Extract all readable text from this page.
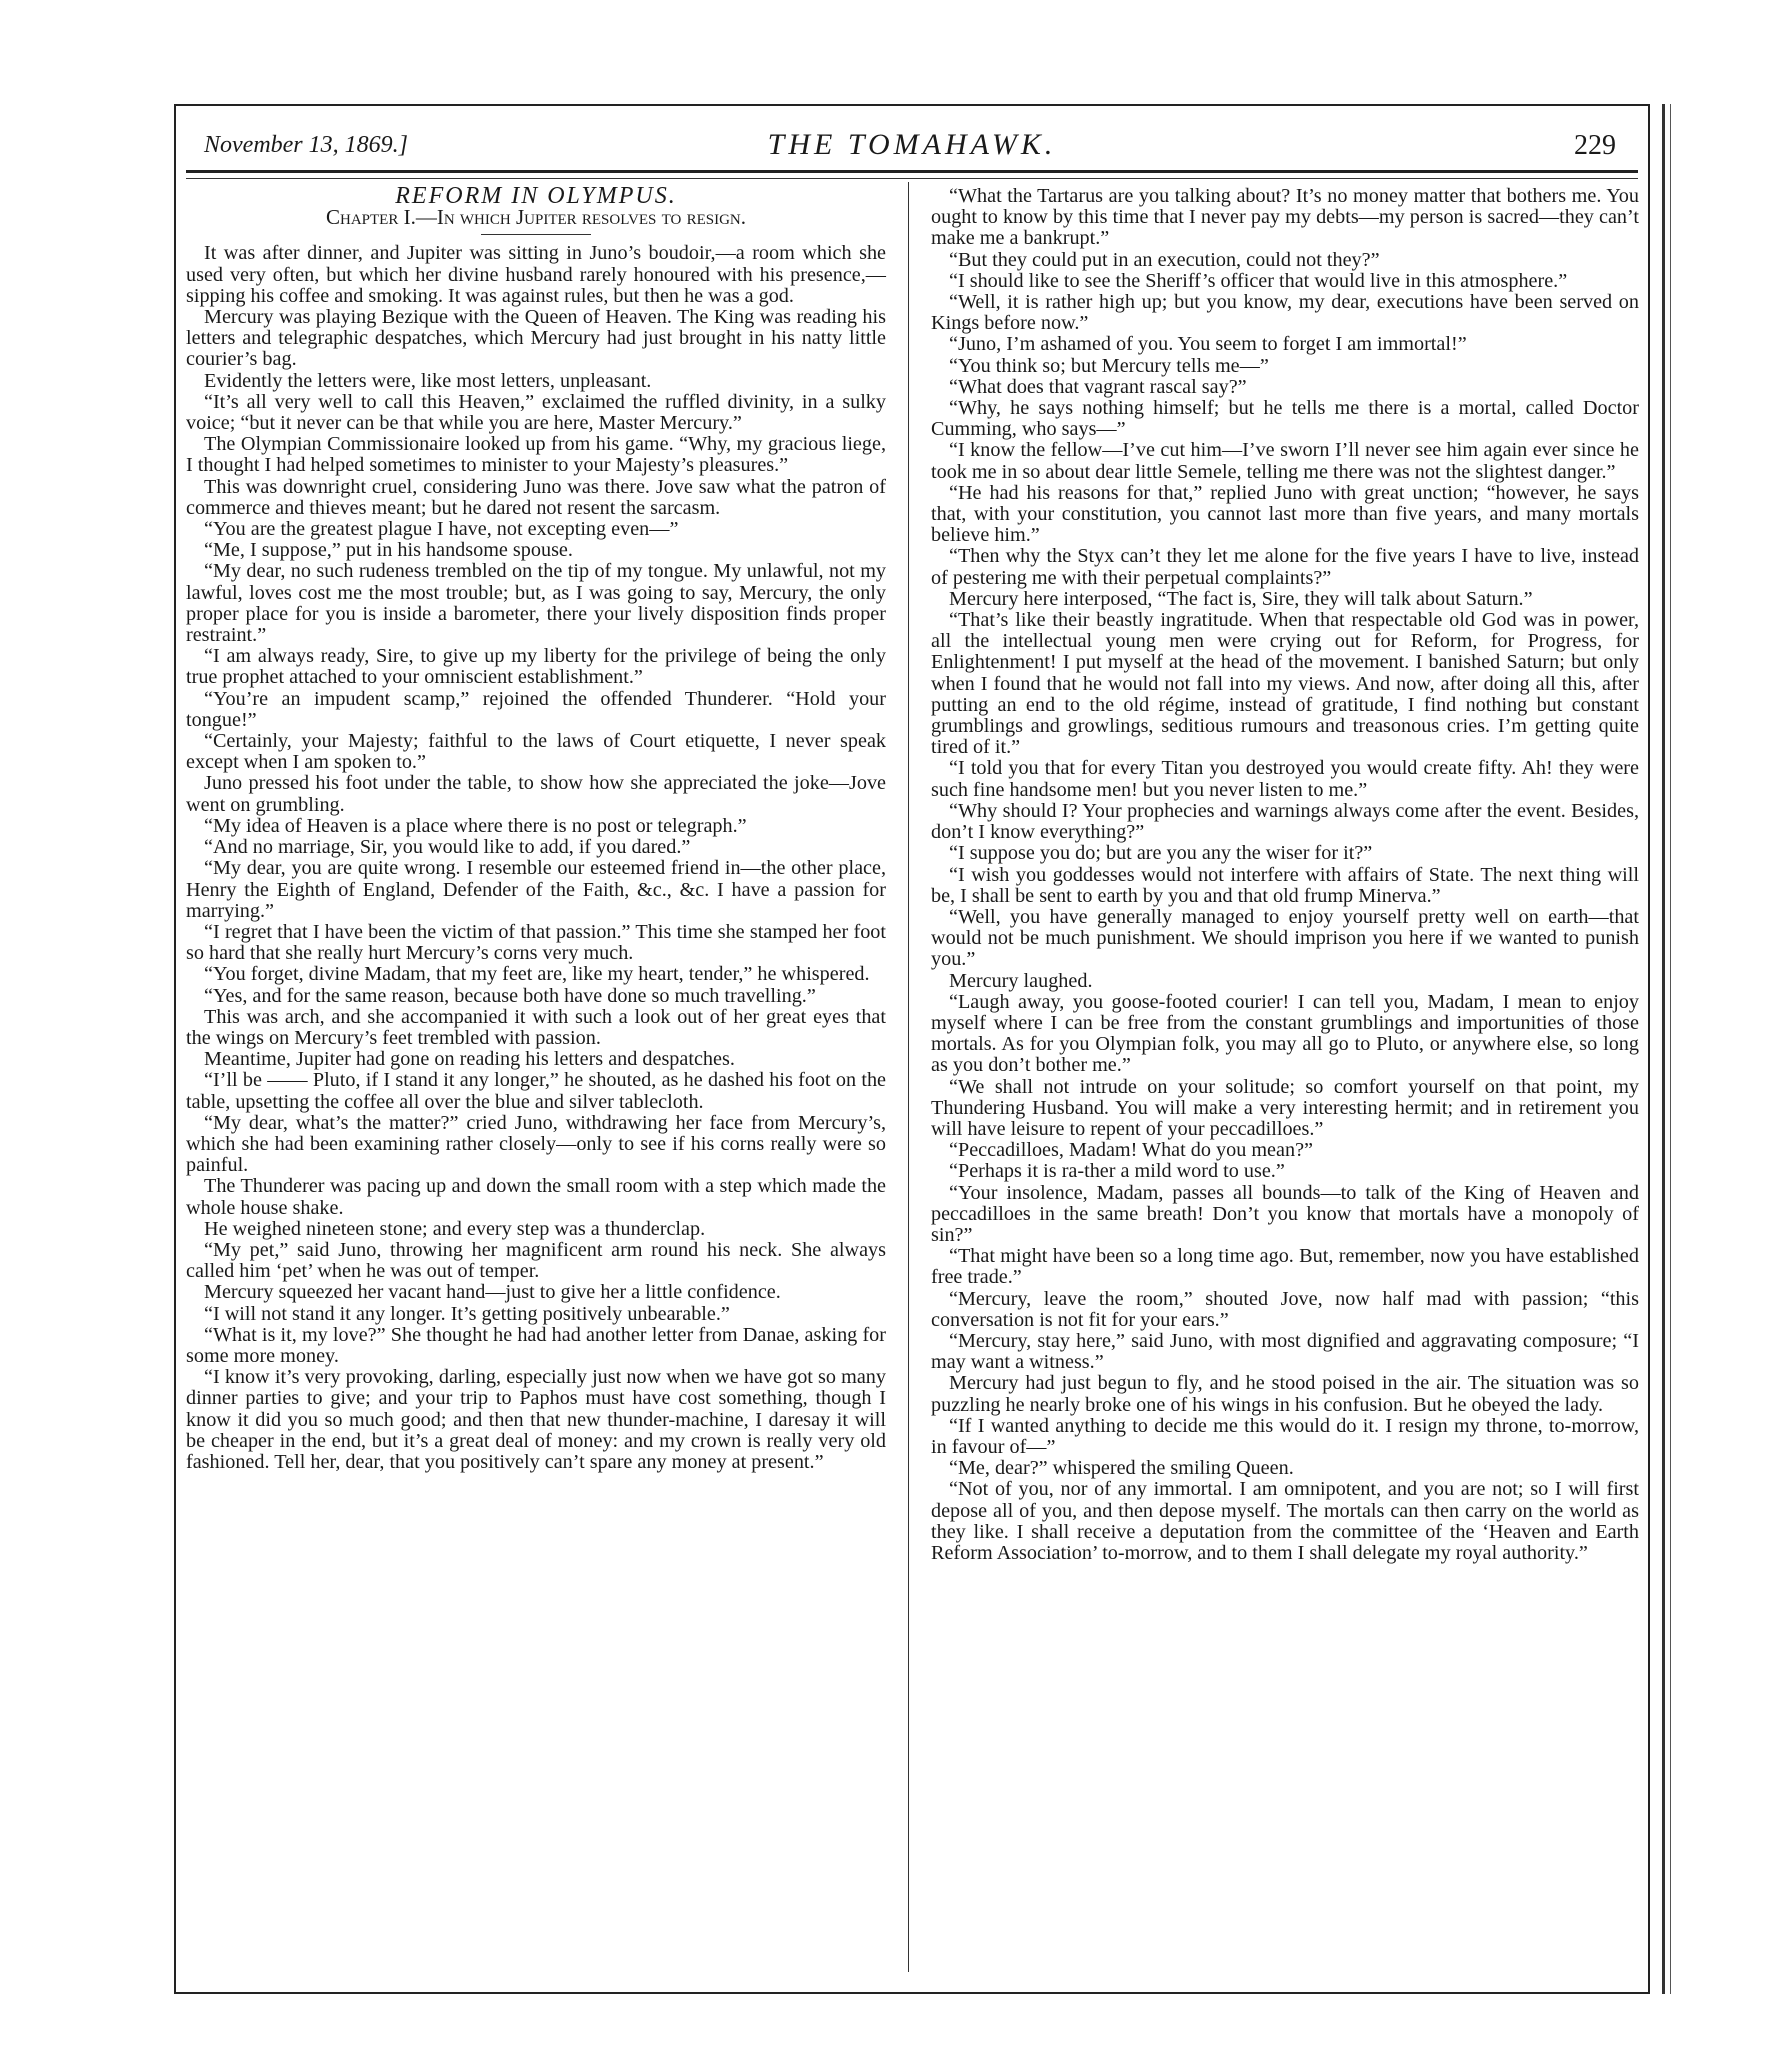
November 13, 1869.]	THE TOMAHAWK.	229

REFORM IN OLYMPUS.

Chapter I.—In which Jupiter resolves to resign.

It was after dinner, and Jupiter was sitting in Juno’s boudoir,—a room which she used very often, but which her divine husband rarely honoured with his presence,—sipping his coffee and smoking. It was against rules, but then he was a god.

Mercury was playing Bezique with the Queen of Heaven. The King was reading his letters and telegraphic despatches, which Mercury had just brought in his natty little courier’s bag.

Evidently the letters were, like most letters, unpleasant.

“It’s all very well to call this Heaven,” exclaimed the ruffled divinity, in a sulky voice; “but it never can be that while you are here, Master Mercury.”

The Olympian Commissionaire looked up from his game. “Why, my gracious liege, I thought I had helped sometimes to minister to your Majesty’s pleasures.”

This was downright cruel, considering Juno was there. Jove saw what the patron of commerce and thieves meant; but he dared not resent the sarcasm.

“You are the greatest plague I have, not excepting even—”

“Me, I suppose,” put in his handsome spouse.

“My dear, no such rudeness trembled on the tip of my tongue. My unlawful, not my lawful, loves cost me the most trouble; but, as I was going to say, Mercury, the only proper place for you is inside a barometer, there your lively disposition finds proper restraint.”

“I am always ready, Sire, to give up my liberty for the privilege of being the only true prophet attached to your omniscient establishment.”

“You’re an impudent scamp,” rejoined the offended Thunderer. “Hold your tongue!”

“Certainly, your Majesty; faithful to the laws of Court etiquette, I never speak except when I am spoken to.”

Juno pressed his foot under the table, to show how she appreciated the joke—Jove went on grumbling.

“My idea of Heaven is a place where there is no post or telegraph.”

“And no marriage, Sir, you would like to add, if you dared.”

“My dear, you are quite wrong. I resemble our esteemed friend in—the other place, Henry the Eighth of England, Defender of the Faith, &c., &c. I have a passion for marrying.”

“I regret that I have been the victim of that passion.” This time she stamped her foot so hard that she really hurt Mercury’s corns very much.

“You forget, divine Madam, that my feet are, like my heart, tender,” he whispered.

“Yes, and for the same reason, because both have done so much travelling.”

This was arch, and she accompanied it with such a look out of her great eyes that the wings on Mercury’s feet trembled with passion.

Meantime, Jupiter had gone on reading his letters and despatches.

“I’ll be —— Pluto, if I stand it any longer,” he shouted, as he dashed his foot on the table, upsetting the coffee all over the blue and silver tablecloth.

“My dear, what’s the matter?” cried Juno, withdrawing her face from Mercury’s, which she had been examining rather closely—only to see if his corns really were so painful.

The Thunderer was pacing up and down the small room with a step which made the whole house shake.

He weighed nineteen stone; and every step was a thunderclap.

“My pet,” said Juno, throwing her magnificent arm round his neck. She always called him ‘pet’ when he was out of temper.

Mercury squeezed her vacant hand—just to give her a little confidence.

“I will not stand it any longer. It’s getting positively unbearable.”

“What is it, my love?” She thought he had had another letter from Danae, asking for some more money.

“I know it’s very provoking, darling, especially just now when we have got so many dinner parties to give; and your trip to Paphos must have cost something, though I know it did you so much good; and then that new thunder-machine, I daresay it will be cheaper in the end, but it’s a great deal of money: and my crown is really very old fashioned. Tell her, dear, that you positively can’t spare any money at present.”

“What the Tartarus are you talking about? It’s no money matter that bothers me. You ought to know by this time that I never pay my debts—my person is sacred—they can’t make me a bankrupt.”

“But they could put in an execution, could not they?”

“I should like to see the Sheriff’s officer that would live in this atmosphere.”

“Well, it is rather high up; but you know, my dear, executions have been served on Kings before now.”

“Juno, I’m ashamed of you. You seem to forget I am immortal!”

“You think so; but Mercury tells me—”

“What does that vagrant rascal say?”

“Why, he says nothing himself; but he tells me there is a mortal, called Doctor Cumming, who says—”

“I know the fellow—I’ve cut him—I’ve sworn I’ll never see him again ever since he took me in so about dear little Semele, telling me there was not the slightest danger.”

“He had his reasons for that,” replied Juno with great unction; “however, he says that, with your constitution, you cannot last more than five years, and many mortals believe him.”

“Then why the Styx can’t they let me alone for the five years I have to live, instead of pestering me with their perpetual complaints?”

Mercury here interposed, “The fact is, Sire, they will talk about Saturn.”

“That’s like their beastly ingratitude. When that respectable old God was in power, all the intellectual young men were crying out for Reform, for Progress, for Enlightenment! I put myself at the head of the movement. I banished Saturn; but only when I found that he would not fall into my views. And now, after doing all this, after putting an end to the old régime, instead of gratitude, I find nothing but constant grumblings and growlings, seditious rumours and treasonous cries. I’m getting quite tired of it.”

“I told you that for every Titan you destroyed you would create fifty. Ah! they were such fine handsome men! but you never listen to me.”

“Why should I? Your prophecies and warnings always come after the event. Besides, don’t I know everything?”

“I suppose you do; but are you any the wiser for it?”

“I wish you goddesses would not interfere with affairs of State. The next thing will be, I shall be sent to earth by you and that old frump Minerva.”

“Well, you have generally managed to enjoy yourself pretty well on earth—that would not be much punishment. We should imprison you here if we wanted to punish you.”

Mercury laughed.

“Laugh away, you goose-footed courier! I can tell you, Madam, I mean to enjoy myself where I can be free from the constant grumblings and importunities of those mortals. As for you Olympian folk, you may all go to Pluto, or anywhere else, so long as you don’t bother me.”

“We shall not intrude on your solitude; so comfort yourself on that point, my Thundering Husband. You will make a very interesting hermit; and in retirement you will have leisure to repent of your peccadilloes.”

“Peccadilloes, Madam! What do you mean?”

“Perhaps it is ra-ther a mild word to use.”

“Your insolence, Madam, passes all bounds—to talk of the King of Heaven and peccadilloes in the same breath! Don’t you know that mortals have a monopoly of sin?”

“That might have been so a long time ago. But, remember, now you have established free trade.”

“Mercury, leave the room,” shouted Jove, now half mad with passion; “this conversation is not fit for your ears.”

“Mercury, stay here,” said Juno, with most dignified and aggravating composure; “I may want a witness.”

Mercury had just begun to fly, and he stood poised in the air. The situation was so puzzling he nearly broke one of his wings in his confusion. But he obeyed the lady.

“If I wanted anything to decide me this would do it. I resign my throne, to-morrow, in favour of—”

“Me, dear?” whispered the smiling Queen.

“Not of you, nor of any immortal. I am omnipotent, and you are not; so I will first depose all of you, and then depose myself. The mortals can then carry on the world as they like. I shall receive a deputation from the committee of the ‘Heaven and Earth Reform Association’ to-morrow, and to them I shall delegate my royal authority.”
